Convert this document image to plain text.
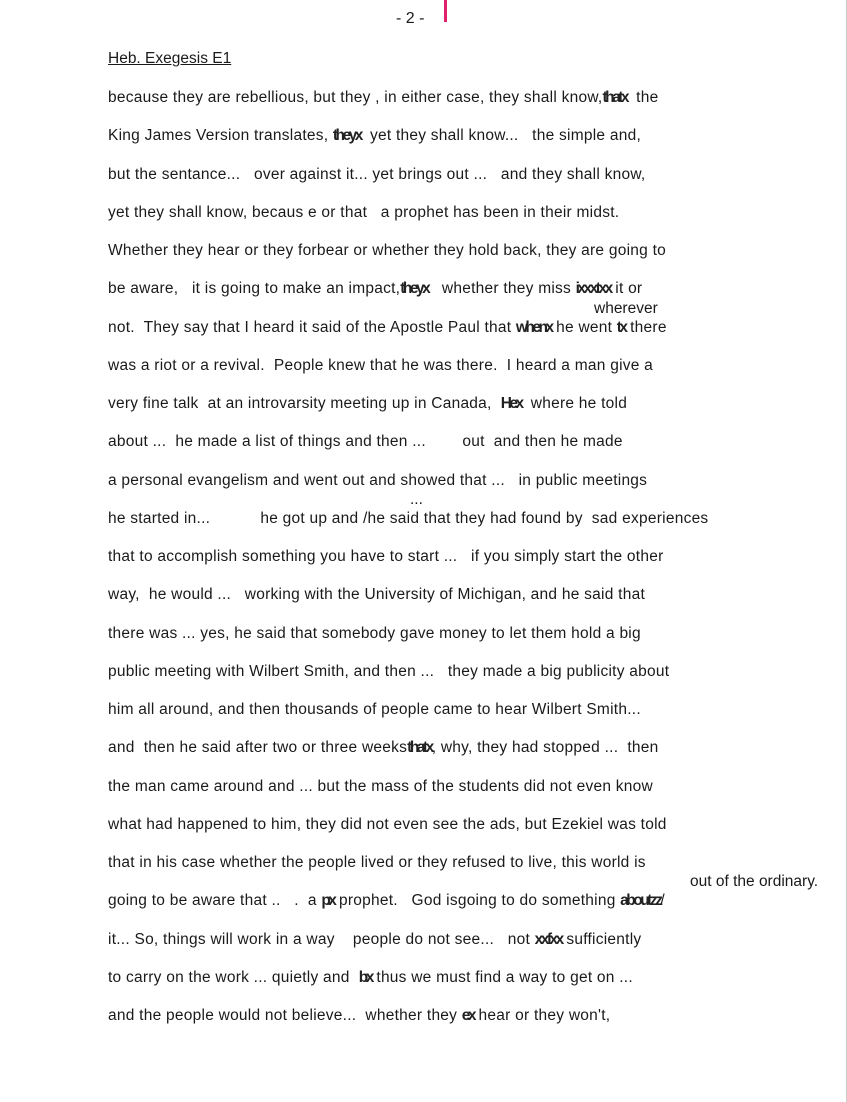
- 2 -
Heb. Exegesis E1
because they are rebellious, but they , in either case, they shall know,thatx  the
King James Version translates, theyx  yet they shall know...   the simple and,
but the sentance...   over against it... yet brings out ...   and they shall know,
yet they shall know, becaus e or that   a prophet has been in their midst.
Whether they hear or they forbear or whether they hold back, they are going to
be aware,   it is going to make an impact,theyx   whether they miss ixxxtxx it or
not.  They say that I heard it said of the Apostle Paul that whenx he went tx there
was a riot or a revival.  People knew that he was there.  I heard a man give a
very fine talk  at an introvarsity meeting up in Canada,  Hex  where he told
about ...  he made a list of things and then ...        out  and then he made
a personal evangelism and went out and showed that ...   in public meetings
he started in...           he got up and /he said that they had found by  sad experiences
that to accomplish something you have to start ...   if you simply start the other
way,  he would ...   working with the University of Michigan, and he said that
there was ... yes, he said that somebody gave money to let them hold a big
public meeting with Wilbert Smith, and then ...   they made a big publicity about
him all around, and then thousands of people came to hear Wilbert Smith...
and  then he said after two or three weeksthatx, why, they had stopped ...  then
the man came around and ... but the mass of the students did not even know
what had happened to him, they did not even see the ads, but Ezekiel was told
that in his case whether the people lived or they refused to live, this world is
going to be aware that ..   .  a px prophet.   God isgoing to do something aboutzz/
it... So, things will work in a way    people do not see...   not xxfxx sufficiently
to carry on the work ... quietly and  bx thus we must find a way to get on ...
and the people would not believe...  whether they ex hear or they won't,
wherever
...
out of the ordinary.
